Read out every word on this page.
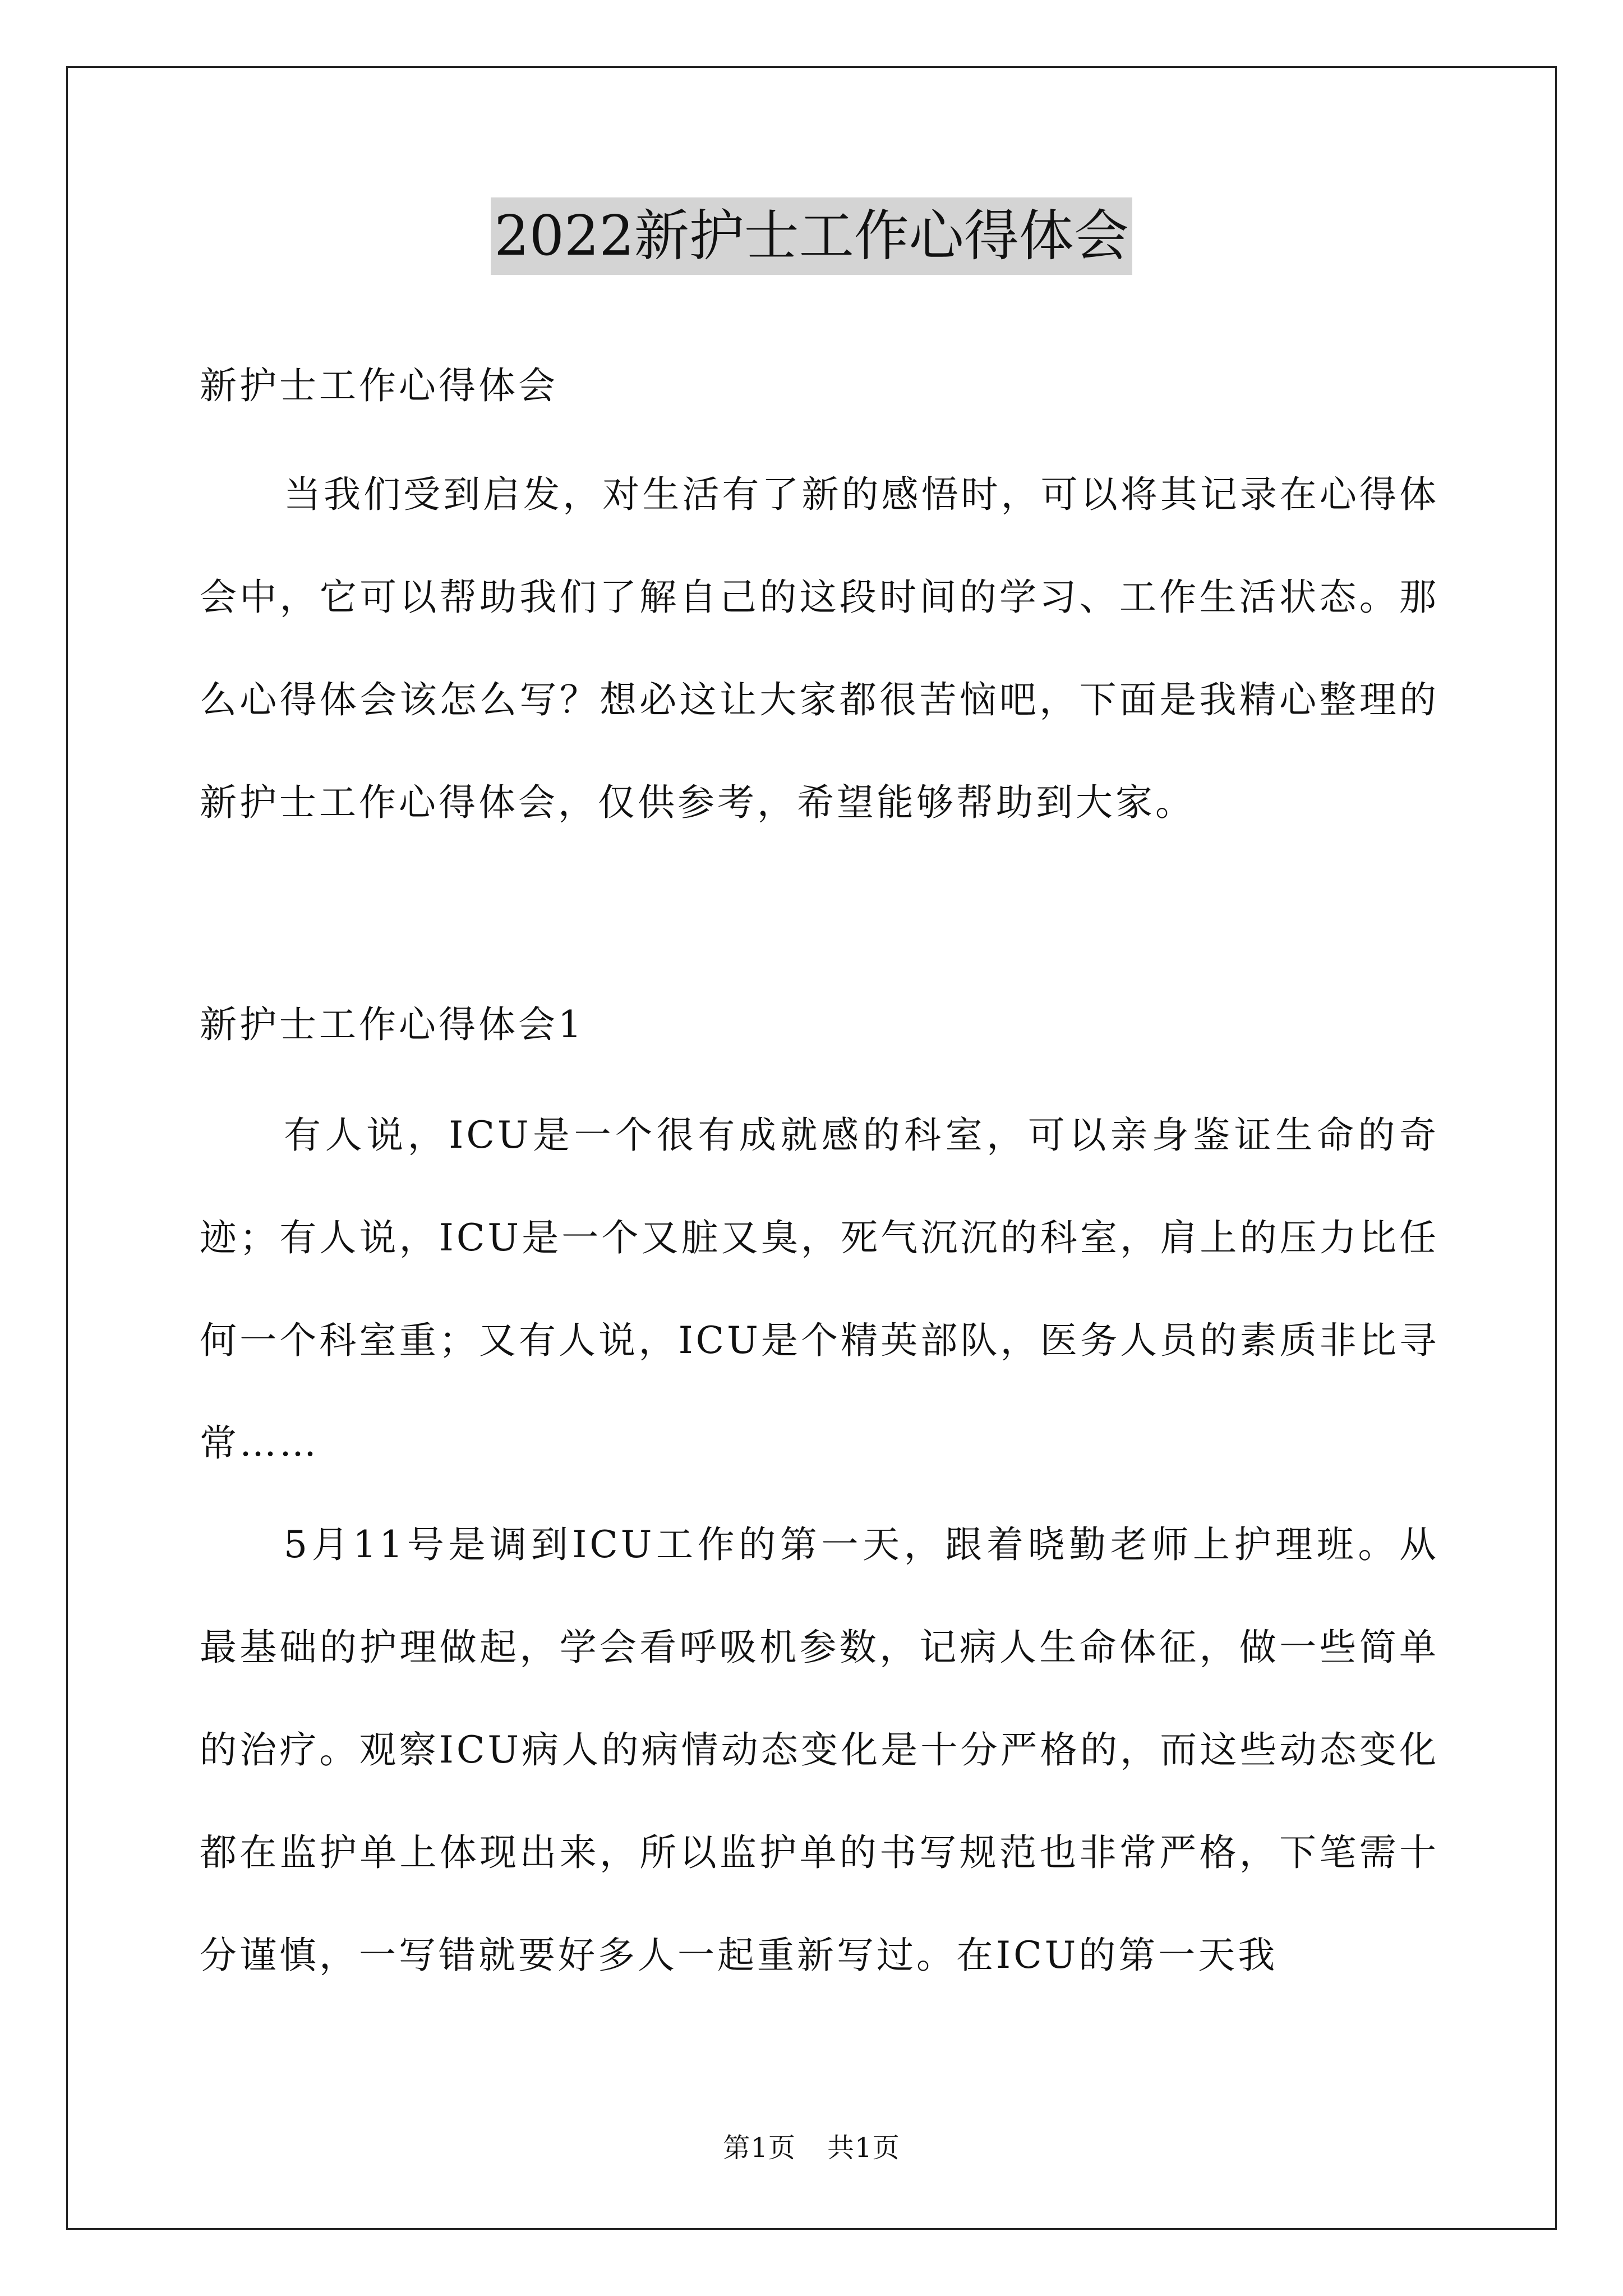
2022新护士工作心得体会
新护士工作心得体会

当我们受到启发，对生活有了新的感悟时，可以将其记录在心得体会中，它可以帮助我们了解自己的这段时间的学习、工作生活状态。那么心得体会该怎么写？想必这让大家都很苦恼吧，下面是我精心整理的新护士工作心得体会，仅供参考，希望能够帮助到大家。

新护士工作心得体会1

有人说，ICU是一个很有成就感的科室，可以亲身鉴证生命的奇迹；有人说，ICU是一个又脏又臭，死气沉沉的科室，肩上的压力比任何一个科室重；又有人说，ICU是个精英部队，医务人员的素质非比寻常……

5月11号是调到ICU工作的第一天，跟着晓勤老师上护理班。从最基础的护理做起，学会看呼吸机参数，记病人生命体征，做一些简单的治疗。观察ICU病人的病情动态变化是十分严格的，而这些动态变化都在监护单上体现出来，所以监护单的书写规范也非常严格，下笔需十分谨慎，一写错就要好多人一起重新写过。在ICU的第一天我

第1页 共1页
